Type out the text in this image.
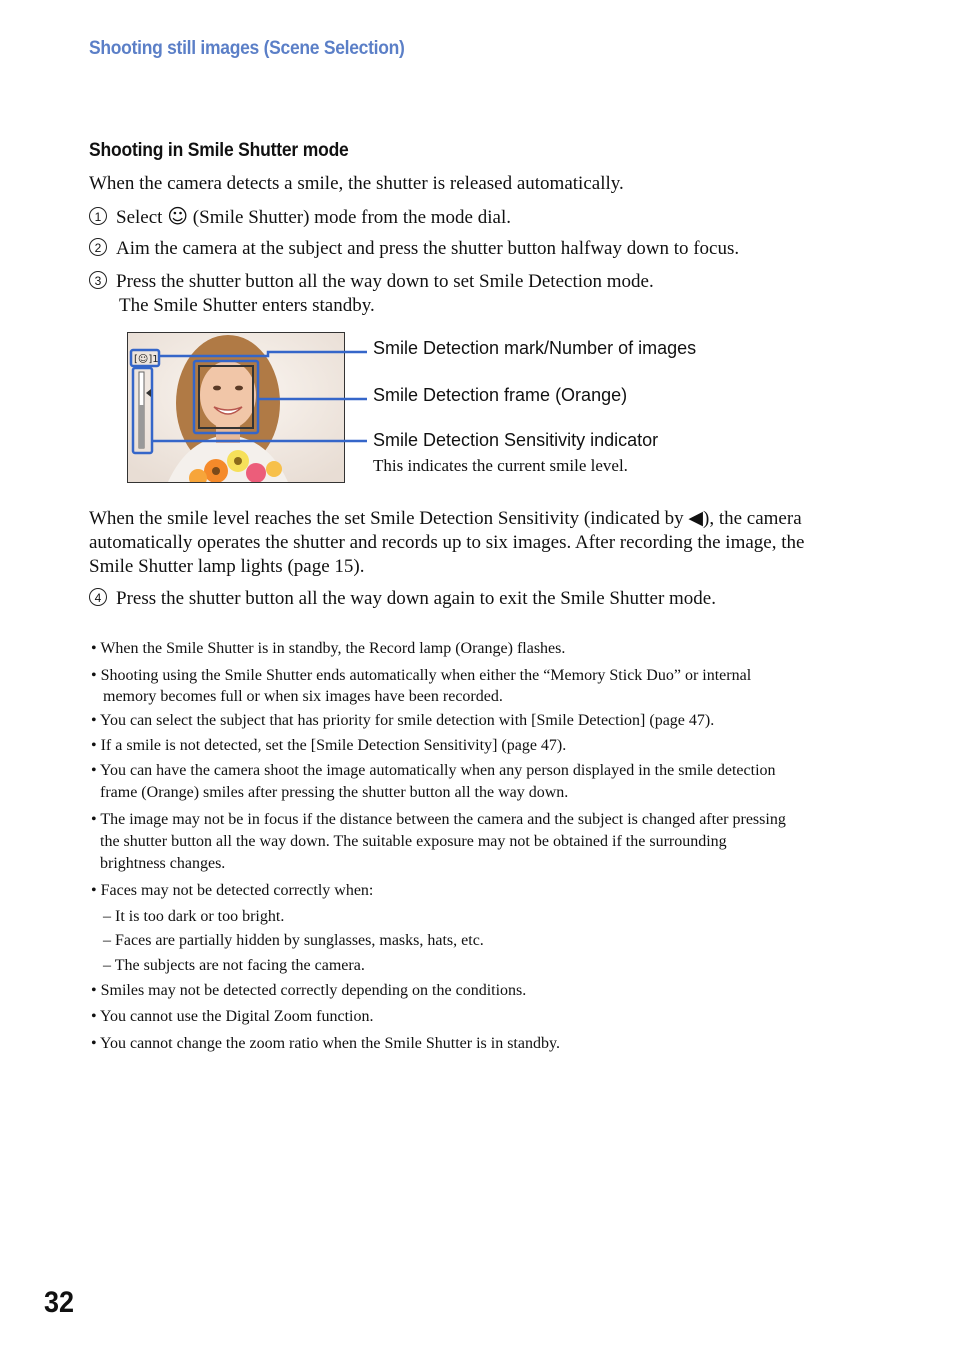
Shooting still images (Scene Selection)
Shooting in Smile Shutter mode
When the camera detects a smile, the shutter is released automatically.
1 Select ☺ (Smile Shutter) mode from the mode dial.
2 Aim the camera at the subject and press the shutter button halfway down to focus.
3 Press the shutter button all the way down to set Smile Detection mode.
The Smile Shutter enters standby.
[☺]1
Smile Detection mark/Number of images
Smile Detection frame (Orange)
Smile Detection Sensitivity indicator
This indicates the current smile level.
When the smile level reaches the set Smile Detection Sensitivity (indicated by ◀), the camera
automatically operates the shutter and records up to six images. After recording the image, the
Smile Shutter lamp lights (page 15).
4 Press the shutter button all the way down again to exit the Smile Shutter mode.
• When the Smile Shutter is in standby, the Record lamp (Orange) flashes.
• Shooting using the Smile Shutter ends automatically when either the “Memory Stick Duo” or internal
memory becomes full or when six images have been recorded.
• You can select the subject that has priority for smile detection with [Smile Detection] (page 47).
• If a smile is not detected, set the [Smile Detection Sensitivity] (page 47).
• You can have the camera shoot the image automatically when any person displayed in the smile detection
frame (Orange) smiles after pressing the shutter button all the way down.
• The image may not be in focus if the distance between the camera and the subject is changed after pressing
the shutter button all the way down. The suitable exposure may not be obtained if the surrounding
brightness changes.
• Faces may not be detected correctly when:
– It is too dark or too bright.
– Faces are partially hidden by sunglasses, masks, hats, etc.
– The subjects are not facing the camera.
• Smiles may not be detected correctly depending on the conditions.
• You cannot use the Digital Zoom function.
• You cannot change the zoom ratio when the Smile Shutter is in standby.
32
